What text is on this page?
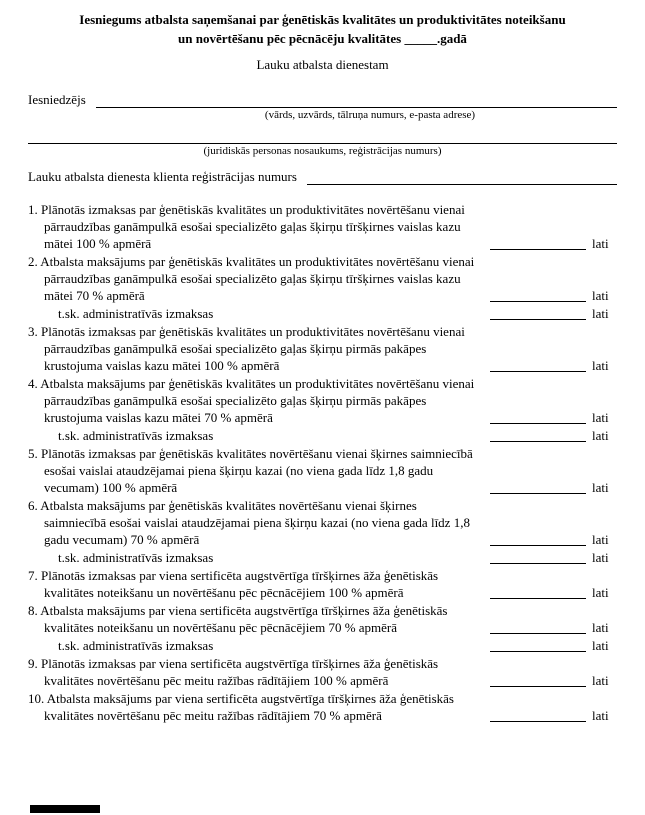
Iesniegums atbalsta saņemšanai par ģenētiskās kvalitātes un produktivitātes noteikšanu
un novērtēšanu pēc pēcnācēju kvalitātes _____.gadā
Lauku atbalsta dienestam
Iesniedzējs
(vārds, uzvārds, tālruņa numurs, e-pasta adrese)
(juridiskās personas nosaukums, reģistrācijas numurs)
Lauku atbalsta dienesta klienta reģistrācijas numurs
1. Plānotās izmaksas par ģenētiskās kvalitātes un produktivitātes novērtēšanu vienai pārraudzības ganāmpulkā esošai specializēto gaļas šķirņu tīršķirnes vaislas kazu mātei 100 % apmērā	lati
2. Atbalsta maksājums par ģenētiskās kvalitātes un produktivitātes novērtēšanu vienai pārraudzības ganāmpulkā esošai specializēto gaļas šķirņu tīršķirnes vaislas kazu mātei 70 % apmērā	lati
t.sk. administratīvās izmaksas	lati
3. Plānotās izmaksas par ģenētiskās kvalitātes un produktivitātes novērtēšanu vienai pārraudzības ganāmpulkā esošai specializēto gaļas šķirņu pirmās pakāpes krustojuma vaislas kazu mātei 100 % apmērā	lati
4. Atbalsta maksājums par ģenētiskās kvalitātes un produktivitātes novērtēšanu vienai pārraudzības ganāmpulkā esošai specializēto gaļas šķirņu pirmās pakāpes krustojuma vaislas kazu mātei 70 % apmērā	lati
t.sk. administratīvās izmaksas	lati
5. Plānotās izmaksas par ģenētiskās kvalitātes novērtēšanu vienai šķirnes saimniecībā esošai vaislai ataudzējamai piena šķirņu kazai (no viena gada līdz 1,8 gadu vecumam) 100 % apmērā	lati
6. Atbalsta maksājums par ģenētiskās kvalitātes novērtēšanu vienai šķirnes saimniecībā esošai vaislai ataudzējamai piena šķirņu kazai (no viena gada līdz 1,8 gadu vecumam) 70 % apmērā	lati
t.sk. administratīvās izmaksas	lati
7. Plānotās izmaksas par viena sertificēta augstvērtīga tīršķirnes āža ģenētiskās kvalitātes noteikšanu un novērtēšanu pēc pēcnācējiem 100 % apmērā	lati
8. Atbalsta maksājums par viena sertificēta augstvērtīga tīršķirnes āža ģenētiskās kvalitātes noteikšanu un novērtēšanu pēc pēcnācējiem 70 % apmērā	lati
t.sk. administratīvās izmaksas	lati
9. Plānotās izmaksas par viena sertificēta augstvērtīga tīršķirnes āža ģenētiskās kvalitātes novērtēšanu pēc meitu ražības rādītājiem 100 % apmērā	lati
10. Atbalsta maksājums par viena sertificēta augstvērtīga tīršķirnes āža ģenētiskās kvalitātes novērtēšanu pēc meitu ražības rādītājiem 70 % apmērā	lati
